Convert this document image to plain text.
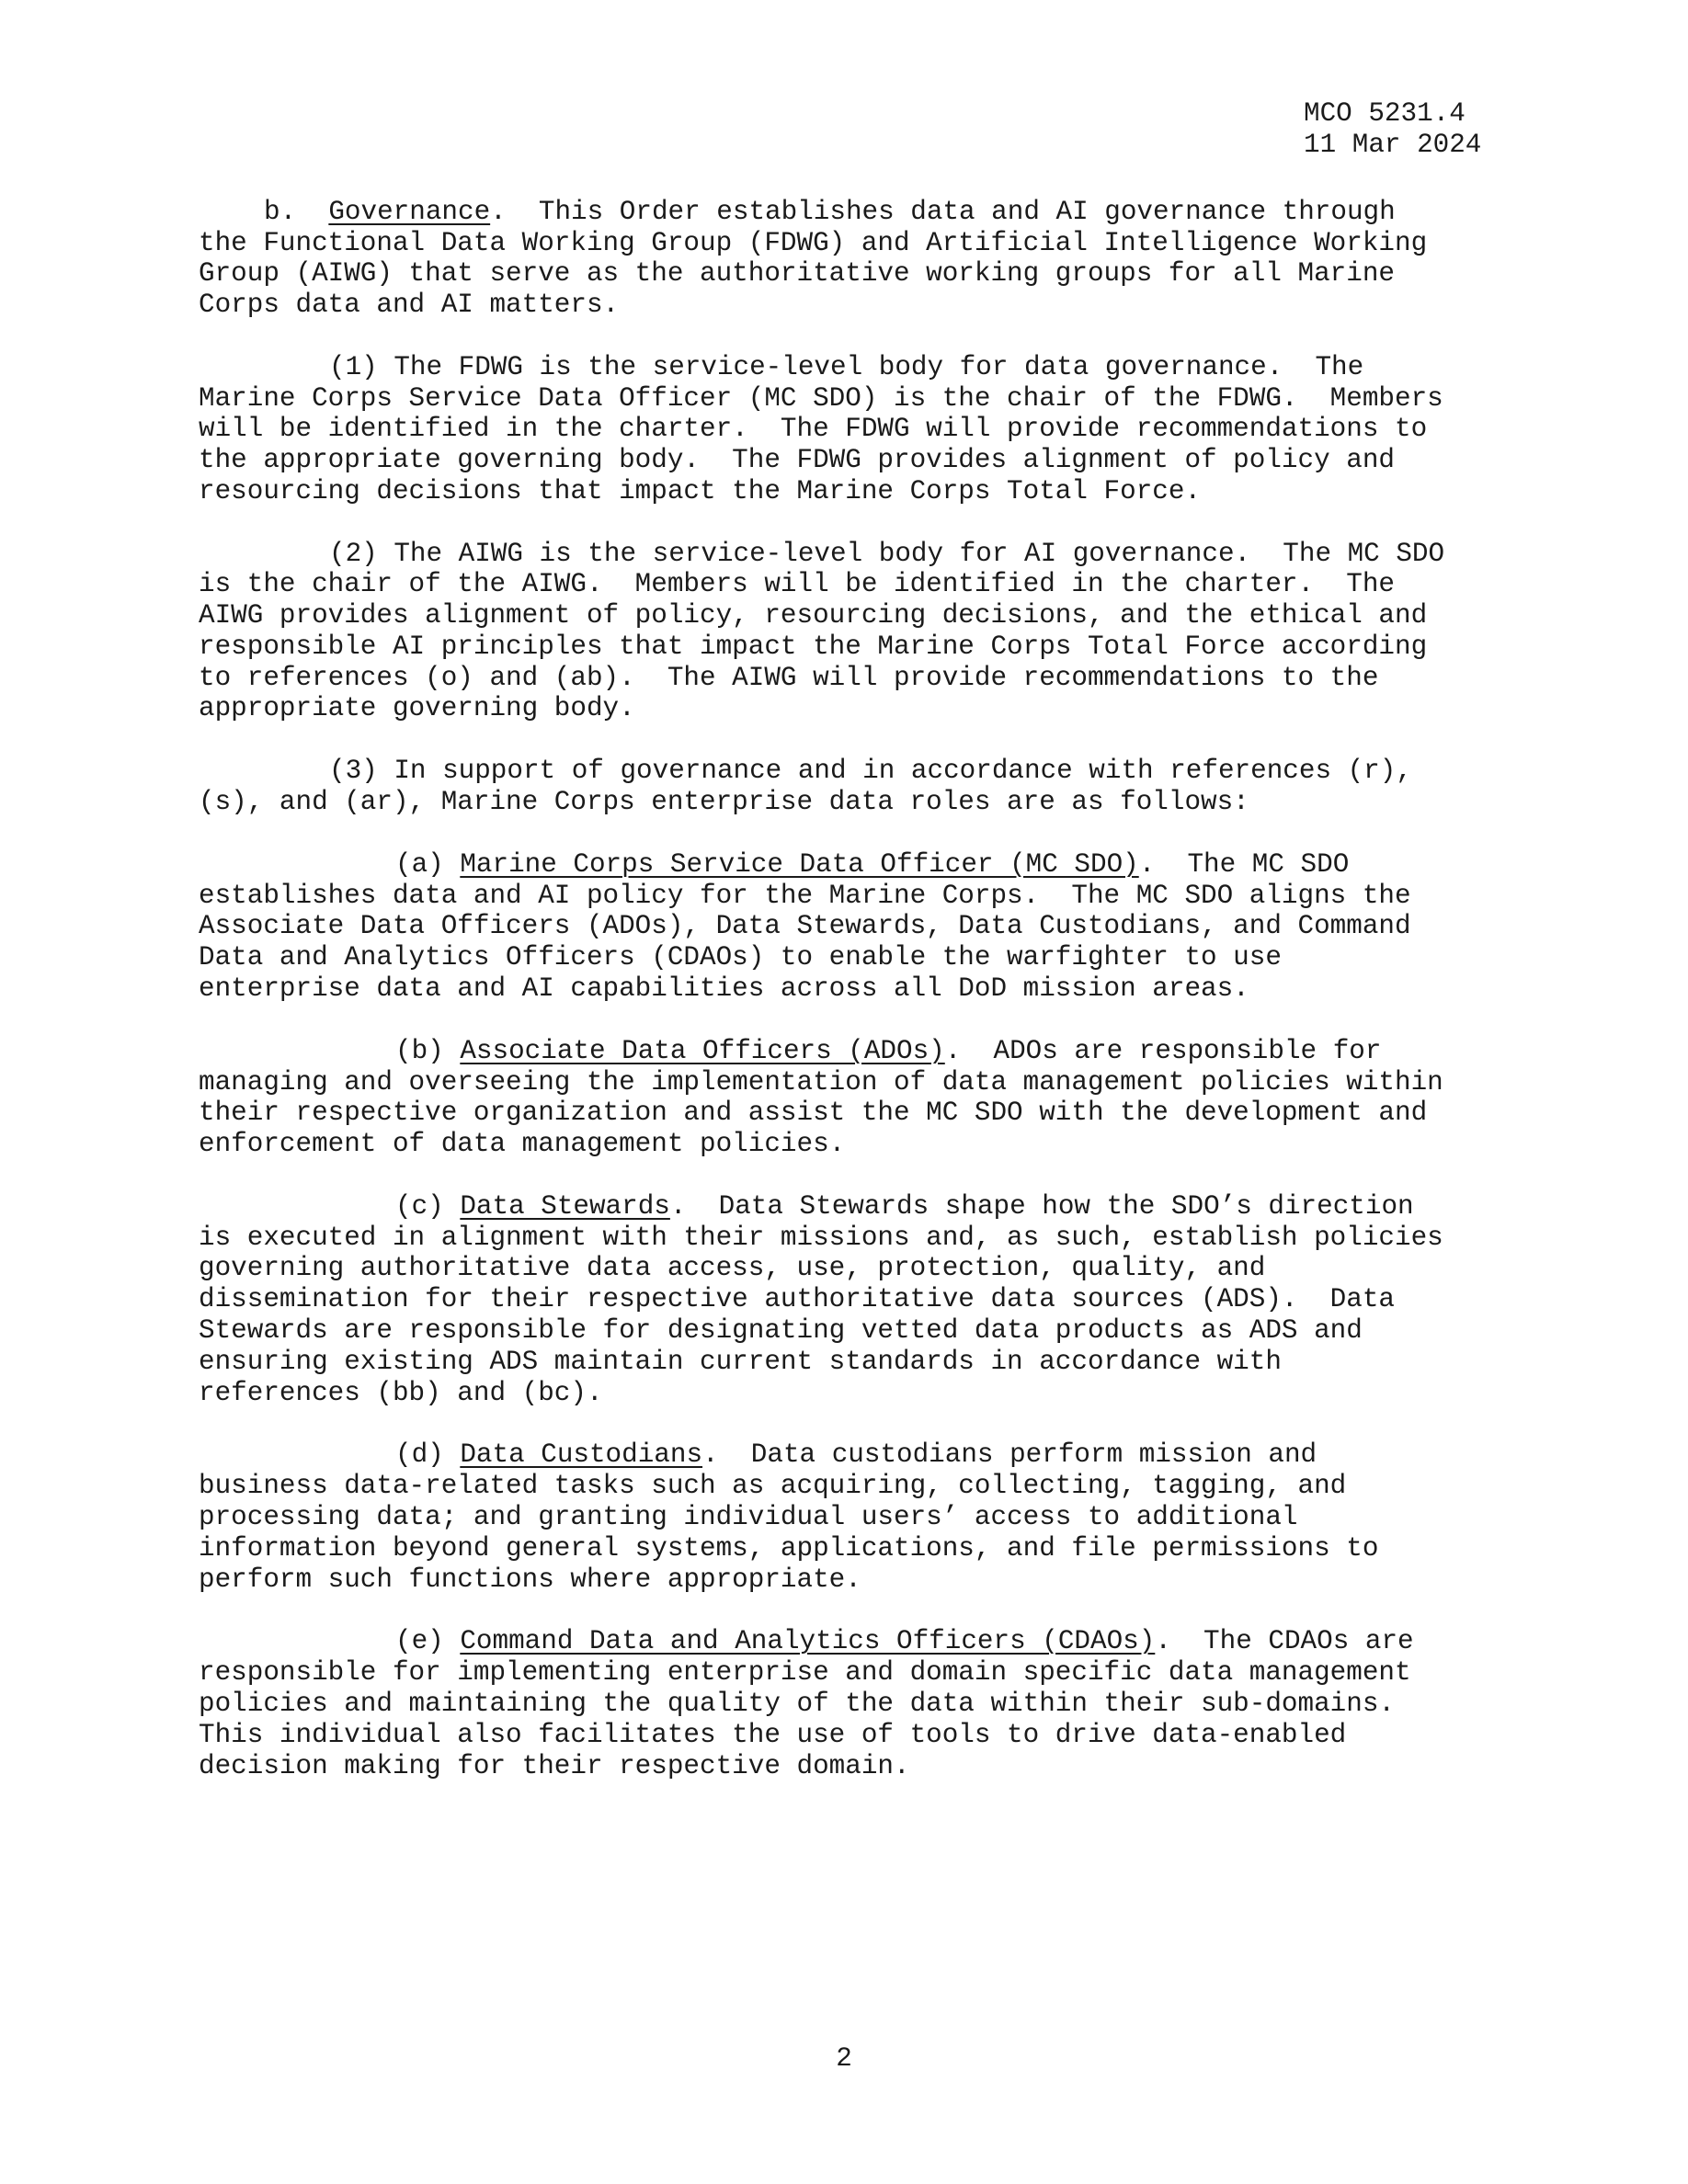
MCO 5231.4
11 Mar 2024
b. Governance.  This Order establishes data and AI governance through
the Functional Data Working Group (FDWG) and Artificial Intelligence Working
Group (AIWG) that serve as the authoritative working groups for all Marine
Corps data and AI matters.
(1) The FDWG is the service-level body for data governance.  The
Marine Corps Service Data Officer (MC SDO) is the chair of the FDWG.  Members
will be identified in the charter.  The FDWG will provide recommendations to
the appropriate governing body.  The FDWG provides alignment of policy and
resourcing decisions that impact the Marine Corps Total Force.
(2) The AIWG is the service-level body for AI governance.  The MC SDO
is the chair of the AIWG.  Members will be identified in the charter.  The
AIWG provides alignment of policy, resourcing decisions, and the ethical and
responsible AI principles that impact the Marine Corps Total Force according
to references (o) and (ab).  The AIWG will provide recommendations to the
appropriate governing body.
(3) In support of governance and in accordance with references (r),
(s), and (ar), Marine Corps enterprise data roles are as follows:
(a) Marine Corps Service Data Officer (MC SDO).  The MC SDO
establishes data and AI policy for the Marine Corps.  The MC SDO aligns the
Associate Data Officers (ADOs), Data Stewards, Data Custodians, and Command
Data and Analytics Officers (CDAOs) to enable the warfighter to use
enterprise data and AI capabilities across all DoD mission areas.
(b) Associate Data Officers (ADOs).  ADOs are responsible for
managing and overseeing the implementation of data management policies within
their respective organization and assist the MC SDO with the development and
enforcement of data management policies.
(c) Data Stewards.  Data Stewards shape how the SDO’s direction
is executed in alignment with their missions and, as such, establish policies
governing authoritative data access, use, protection, quality, and
dissemination for their respective authoritative data sources (ADS).  Data
Stewards are responsible for designating vetted data products as ADS and
ensuring existing ADS maintain current standards in accordance with
references (bb) and (bc).
(d) Data Custodians.  Data custodians perform mission and
business data-related tasks such as acquiring, collecting, tagging, and
processing data; and granting individual users’ access to additional
information beyond general systems, applications, and file permissions to
perform such functions where appropriate.
(e) Command Data and Analytics Officers (CDAOs).  The CDAOs are
responsible for implementing enterprise and domain specific data management
policies and maintaining the quality of the data within their sub-domains.
This individual also facilitates the use of tools to drive data-enabled
decision making for their respective domain.
2
